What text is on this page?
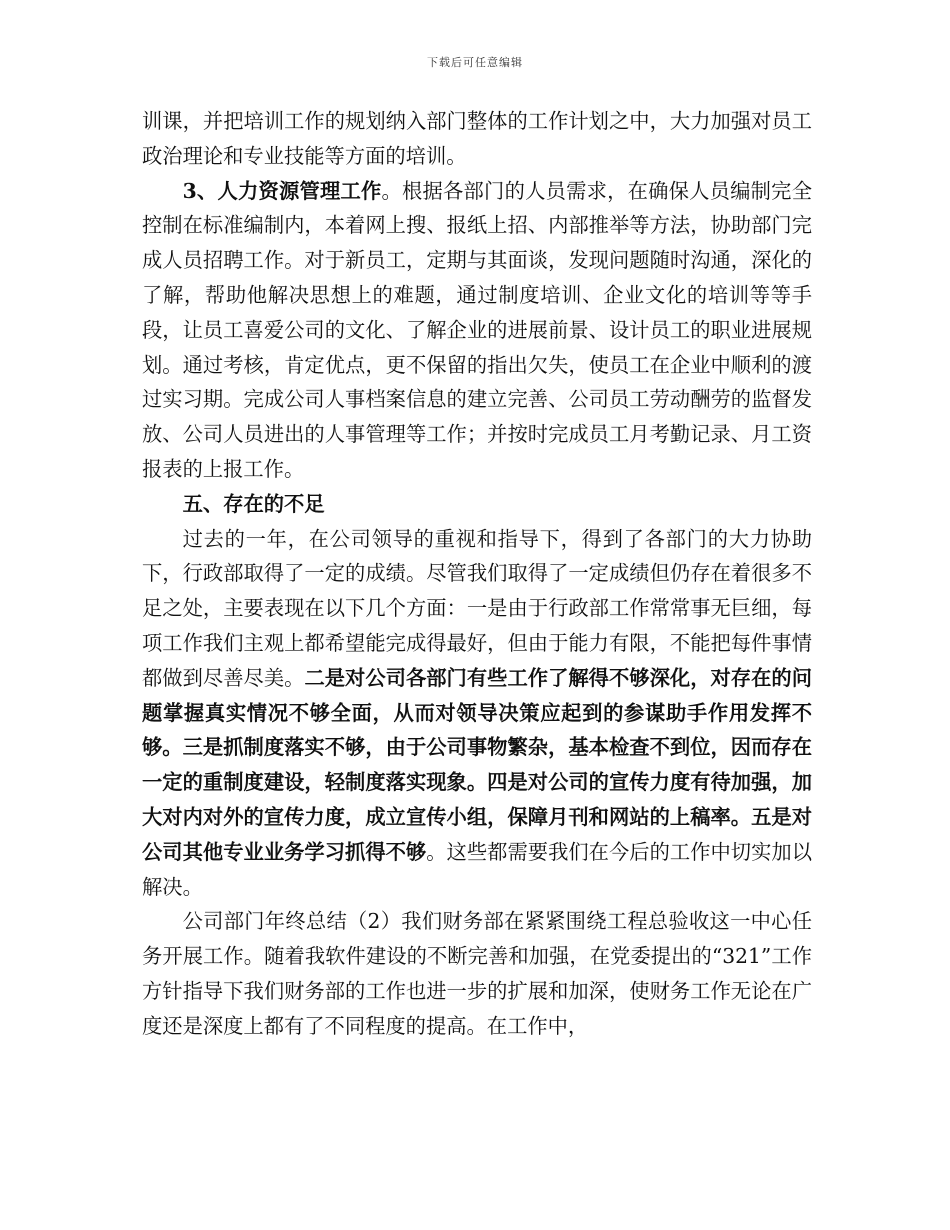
下载后可任意编辑

训课，并把培训工作的规划纳入部门整体的工作计划之中，大力加强对员工政治理论和专业技能等方面的培训。

3、人力资源管理工作。根据各部门的人员需求，在确保人员编制完全控制在标准编制内，本着网上搜、报纸上招、内部推举等方法，协助部门完成人员招聘工作。对于新员工，定期与其面谈，发现问题随时沟通，深化的了解，帮助他解决思想上的难题，通过制度培训、企业文化的培训等等手段，让员工喜爱公司的文化、了解企业的进展前景、设计员工的职业进展规划。通过考核，肯定优点，更不保留的指出欠失，使员工在企业中顺利的渡过实习期。完成公司人事档案信息的建立完善、公司员工劳动酬劳的监督发放、公司人员进出的人事管理等工作；并按时完成员工月考勤记录、月工资报表的上报工作。

五、存在的不足

过去的一年，在公司领导的重视和指导下，得到了各部门的大力协助下，行政部取得了一定的成绩。尽管我们取得了一定成绩但仍存在着很多不足之处，主要表现在以下几个方面：一是由于行政部工作常常事无巨细，每项工作我们主观上都希望能完成得最好，但由于能力有限，不能把每件事情都做到尽善尽美。二是对公司各部门有些工作了解得不够深化，对存在的问题掌握真实情况不够全面，从而对领导决策应起到的参谋助手作用发挥不够。三是抓制度落实不够，由于公司事物繁杂，基本检查不到位，因而存在一定的重制度建设，轻制度落实现象。四是对公司的宣传力度有待加强，加大对内对外的宣传力度，成立宣传小组，保障月刊和网站的上稿率。五是对公司其他专业业务学习抓得不够。这些都需要我们在今后的工作中切实加以解决。

公司部门年终总结（2）我们财务部在紧紧围绕工程总验收这一中心任务开展工作。随着我软件建设的不断完善和加强，在党委提出的“321”工作方针指导下我们财务部的工作也进一步的扩展和加深，使财务工作无论在广度还是深度上都有了不同程度的提高。在工作中，
